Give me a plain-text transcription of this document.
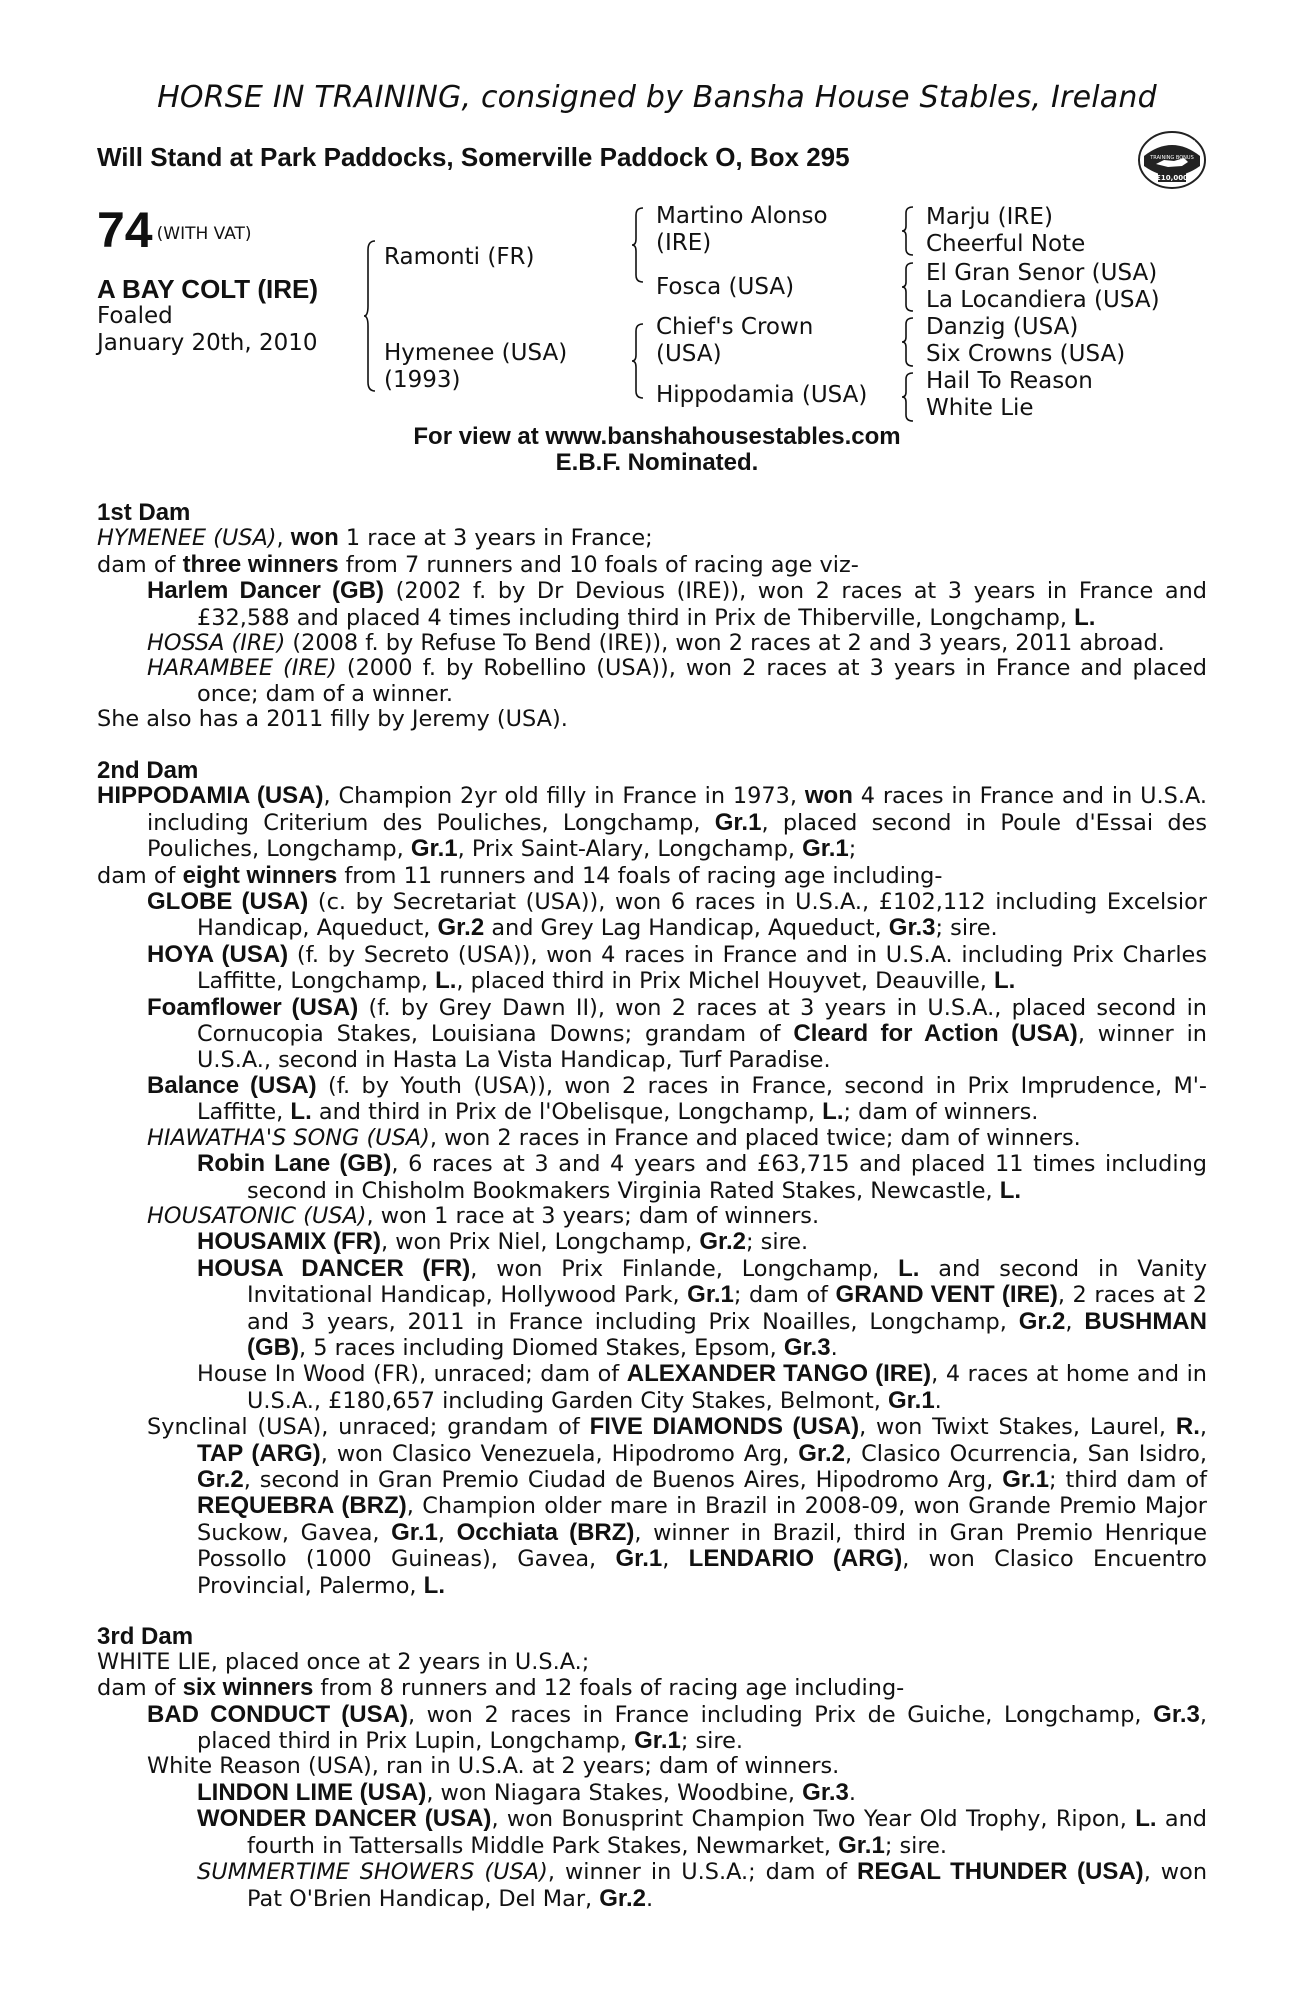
HORSE IN TRAINING, consigned by Bansha House Stables, Ireland
Will Stand at Park Paddocks, Somerville Paddock O, Box 295	RACING POST
TRAINING BONUS
£10,000
74 (WITH VAT)
A BAY COLT (IRE)
Foaled
January 20th, 2010
Ramonti (FR)
Hymenee (USA)
(1993)
Martino Alonso
(IRE)
Fosca (USA)
Chief's Crown
(USA)
Hippodamia (USA)
Marju (IRE)
Cheerful Note
El Gran Senor (USA)
La Locandiera (USA)
Danzig (USA)
Six Crowns (USA)
Hail To Reason
White Lie
For view at www.banshahousestables.com
E.B.F. Nominated.
1st Dam

HYMENEE (USA), won 1 race at 3 years in France;

dam of three winners from 7 runners and 10 foals of racing age viz-

Harlem Dancer (GB) (2002 f. by Dr Devious (IRE)), won 2 races at 3 years in France and £32,588 and placed 4 times including third in Prix de Thiberville, Longchamp, L.

HOSSA (IRE) (2008 f. by Refuse To Bend (IRE)), won 2 races at 2 and 3 years, 2011 abroad.

HARAMBEE (IRE) (2000 f. by Robellino (USA)), won 2 races at 3 years in France and placed once; dam of a winner.

She also has a 2011 filly by Jeremy (USA).

2nd Dam

HIPPODAMIA (USA), Champion 2yr old filly in France in 1973, won 4 races in France and in U.S.A. including Criterium des Pouliches, Longchamp, Gr.1, placed second in Poule d'Essai des Pouliches, Longchamp, Gr.1, Prix Saint-Alary, Longchamp, Gr.1;

dam of eight winners from 11 runners and 14 foals of racing age including-

GLOBE (USA) (c. by Secretariat (USA)), won 6 races in U.S.A., £102,112 including Excelsior Handicap, Aqueduct, Gr.2 and Grey Lag Handicap, Aqueduct, Gr.3; sire.

HOYA (USA) (f. by Secreto (USA)), won 4 races in France and in U.S.A. including Prix Charles Laffitte, Longchamp, L., placed third in Prix Michel Houyvet, Deauville, L.

Foamflower (USA) (f. by Grey Dawn II), won 2 races at 3 years in U.S.A., placed second in Cornucopia Stakes, Louisiana Downs; grandam of Cleard for Action (USA), winner in U.S.A., second in Hasta La Vista Handicap, Turf Paradise.

Balance (USA) (f. by Youth (USA)), won 2 races in France, second in Prix Imprudence, M'-Laffitte, L. and third in Prix de l'Obelisque, Longchamp, L.; dam of winners.

HIAWATHA'S SONG (USA), won 2 races in France and placed twice; dam of winners.

Robin Lane (GB), 6 races at 3 and 4 years and £63,715 and placed 11 times including second in Chisholm Bookmakers Virginia Rated Stakes, Newcastle, L.

HOUSATONIC (USA), won 1 race at 3 years; dam of winners.

HOUSAMIX (FR), won Prix Niel, Longchamp, Gr.2; sire.

HOUSA DANCER (FR), won Prix Finlande, Longchamp, L. and second in Vanity Invitational Handicap, Hollywood Park, Gr.1; dam of GRAND VENT (IRE), 2 races at 2 and 3 years, 2011 in France including Prix Noailles, Longchamp, Gr.2, BUSHMAN (GB), 5 races including Diomed Stakes, Epsom, Gr.3.

House In Wood (FR), unraced; dam of ALEXANDER TANGO (IRE), 4 races at home and in U.S.A., £180,657 including Garden City Stakes, Belmont, Gr.1.

Synclinal (USA), unraced; grandam of FIVE DIAMONDS (USA), won Twixt Stakes, Laurel, R., TAP (ARG), won Clasico Venezuela, Hipodromo Arg, Gr.2, Clasico Ocurrencia, San Isidro, Gr.2, second in Gran Premio Ciudad de Buenos Aires, Hipodromo Arg, Gr.1; third dam of REQUEBRA (BRZ), Champion older mare in Brazil in 2008-09, won Grande Premio Major Suckow, Gavea, Gr.1, Occhiata (BRZ), winner in Brazil, third in Gran Premio Henrique Possollo (1000 Guineas), Gavea, Gr.1, LENDARIO (ARG), won Clasico Encuentro Provincial, Palermo, L.

3rd Dam

WHITE LIE, placed once at 2 years in U.S.A.;

dam of six winners from 8 runners and 12 foals of racing age including-

BAD CONDUCT (USA), won 2 races in France including Prix de Guiche, Longchamp, Gr.3, placed third in Prix Lupin, Longchamp, Gr.1; sire.

White Reason (USA), ran in U.S.A. at 2 years; dam of winners.

LINDON LIME (USA), won Niagara Stakes, Woodbine, Gr.3.

WONDER DANCER (USA), won Bonusprint Champion Two Year Old Trophy, Ripon, L. and fourth in Tattersalls Middle Park Stakes, Newmarket, Gr.1; sire.

SUMMERTIME SHOWERS (USA), winner in U.S.A.; dam of REGAL THUNDER (USA), won Pat O'Brien Handicap, Del Mar, Gr.2.
